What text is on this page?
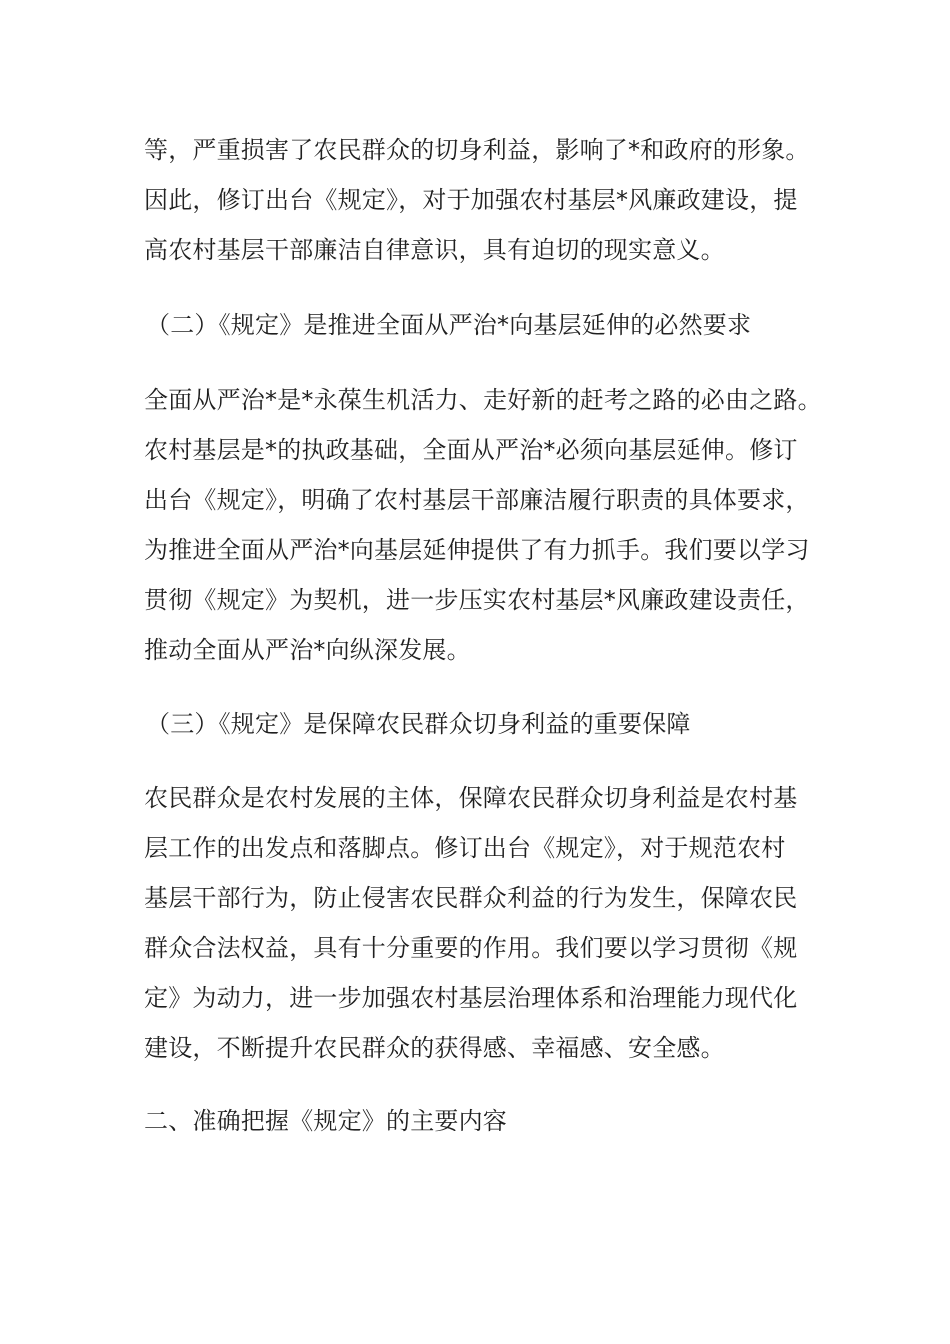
等，严重损害了农民群众的切身利益，影响了*和政府的形象。
因此，修订出台《规定》，对于加强农村基层*风廉政建设，提
高农村基层干部廉洁自律意识，具有迫切的现实意义。
（二）《规定》是推进全面从严治*向基层延伸的必然要求
全面从严治*是*永葆生机活力、走好新的赶考之路的必由之路。
农村基层是*的执政基础，全面从严治*必须向基层延伸。修订
出台《规定》，明确了农村基层干部廉洁履行职责的具体要求，
为推进全面从严治*向基层延伸提供了有力抓手。我们要以学习
贯彻《规定》为契机，进一步压实农村基层*风廉政建设责任，
推动全面从严治*向纵深发展。
（三）《规定》是保障农民群众切身利益的重要保障
农民群众是农村发展的主体，保障农民群众切身利益是农村基
层工作的出发点和落脚点。修订出台《规定》，对于规范农村
基层干部行为，防止侵害农民群众利益的行为发生，保障农民
群众合法权益，具有十分重要的作用。我们要以学习贯彻《规
定》为动力，进一步加强农村基层治理体系和治理能力现代化
建设，不断提升农民群众的获得感、幸福感、安全感。
二、准确把握《规定》的主要内容
